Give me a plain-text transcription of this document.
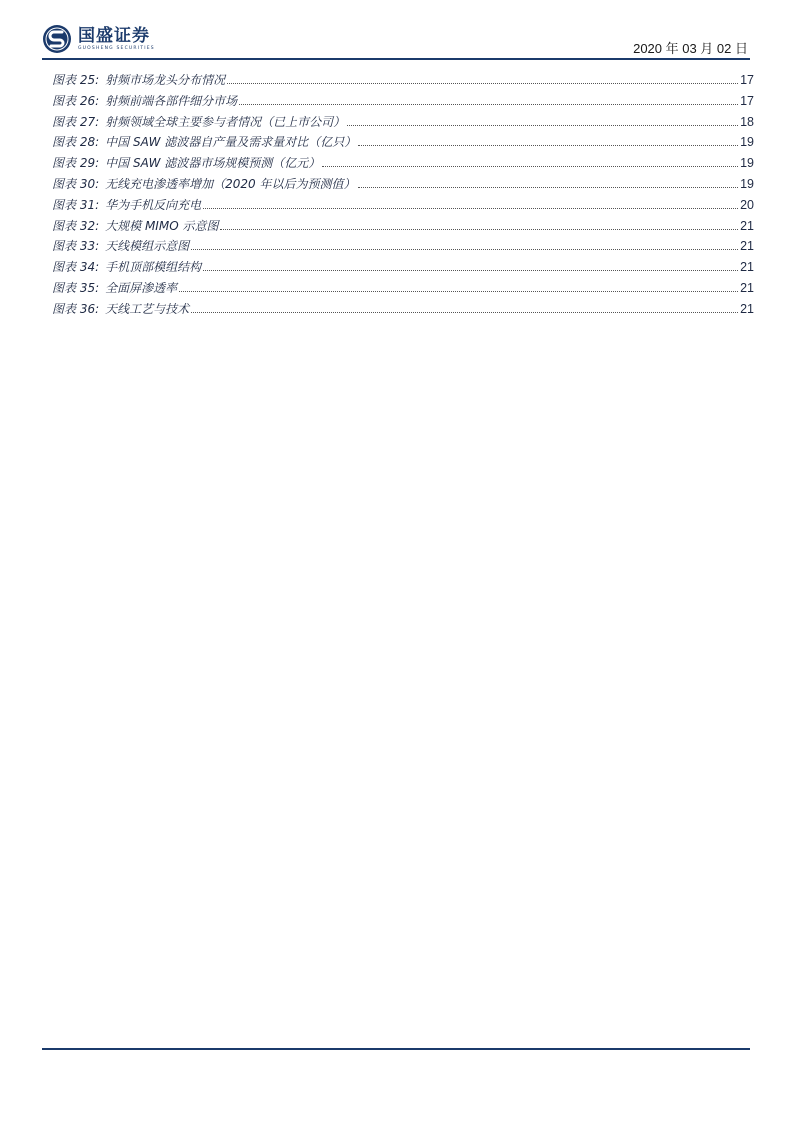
国盛证券
GUOSHENG SECURITIES	2020 年 03 月 02 日
图表 25: 射频市场龙头分布情况	17
图表 26: 射频前端各部件细分市场	17
图表 27: 射频领域全球主要参与者情况（已上市公司）	18
图表 28: 中国 SAW 滤波器自产量及需求量对比（亿只）	19
图表 29: 中国 SAW 滤波器市场规模预测（亿元）	19
图表 30: 无线充电渗透率增加（2020 年以后为预测值）	19
图表 31: 华为手机反向充电	20
图表 32: 大规模 MIMO 示意图	21
图表 33: 天线模组示意图	21
图表 34: 手机顶部模组结构	21
图表 35: 全面屏渗透率	21
图表 36: 天线工艺与技术	21
